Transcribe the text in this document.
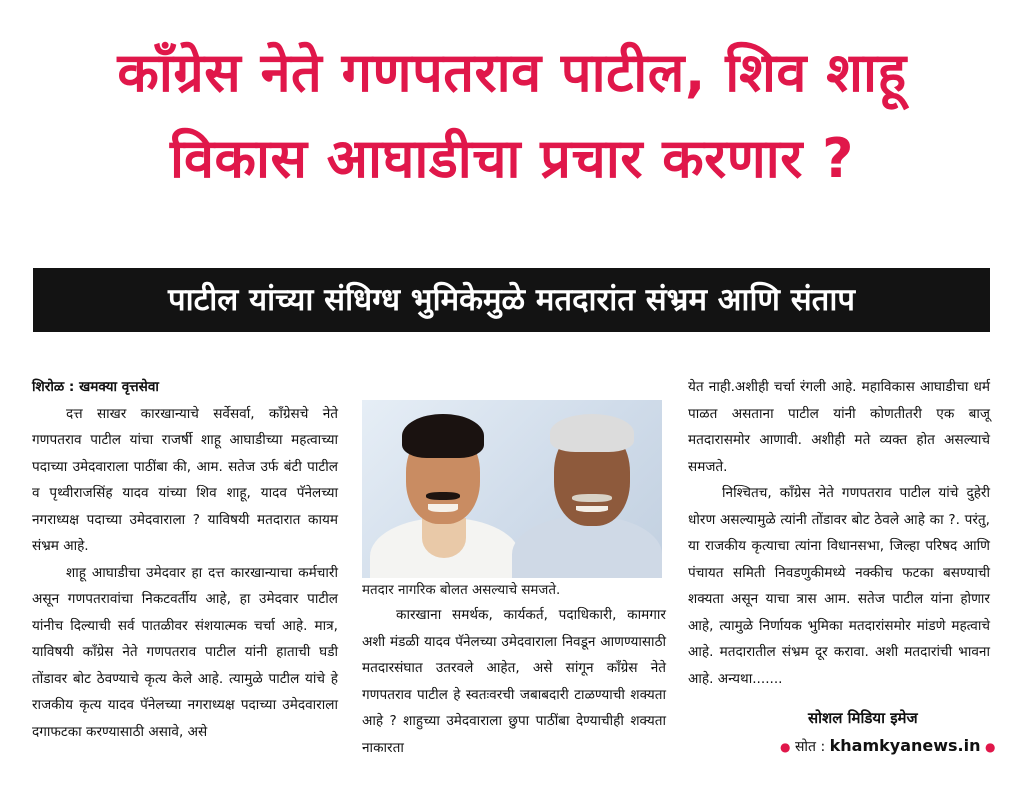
कॉंग्रेस नेते गणपतराव पाटील, शिव शाहू
विकास आघाडीचा प्रचार करणार ?
पाटील यांच्या संधिग्ध भुमिकेमुळे मतदारांत संभ्रम आणि संताप

शिरोळ : खमक्या वृत्तसेवा

दत्त साखर कारखान्याचे सर्वेसर्वा, कॉंग्रेसचे नेते गणपतराव पाटील यांचा राजर्षी शाहू आघाडीच्या महत्वाच्या पदाच्या उमेदवाराला पाठींबा की, आम. सतेज उर्फ बंटी पाटील व पृथ्वीराजसिंह यादव यांच्या शिव शाहू, यादव पॅनेलच्या नगराध्यक्ष पदाच्या उमेदवाराला ? याविषयी मतदारात कायम संभ्रम आहे.

शाहू आघाडीचा उमेदवार हा दत्त कारखान्याचा कर्मचारी असून गणपतरावांचा निकटवर्तीय आहे, हा उमेदवार पाटील यांनीच दिल्याची सर्व पातळीवर संशयात्मक चर्चा आहे. मात्र, याविषयी कॉंग्रेस नेते गणपतराव पाटील यांनी हाताची घडी तोंडावर बोट ठेवण्याचे कृत्य केले आहे. त्यामुळे पाटील यांचे हे राजकीय कृत्य यादव पॅनेलच्या नगराध्यक्ष पदाच्या उमेदवाराला दगाफटका करण्यासाठी असावे, असे

मतदार नागरिक बोलत असल्याचे समजते.

कारखाना समर्थक, कार्यकर्त, पदाधिकारी, कामगार अशी मंडळी यादव पॅनेलच्या उमेदवाराला निवडून आणण्यासाठी मतदारसंघात उतरवले आहेत, असे सांगून कॉंग्रेस नेते गणपतराव पाटील हे स्वतःवरची जबाबदारी टाळण्याची शक्यता आहे ? शाहुच्या उमेदवाराला छुपा पाठींबा देण्याचीही शक्यता नाकारता

येत नाही.अशीही चर्चा रंगली आहे. महाविकास आघाडीचा धर्म पाळत असताना पाटील यांनी कोणतीतरी एक बाजू मतदारासमोर आणावी. अशीही मते व्यक्त होत असल्याचे समजते.

निश्चितच, कॉंग्रेस नेते गणपतराव पाटील यांचे दुहेरी धोरण असल्यामुळे त्यांनी तोंडावर बोट ठेवले आहे का ?. परंतु, या राजकीय कृत्याचा त्यांना विधानसभा, जिल्हा परिषद आणि पंचायत समिती निवडणुकीमध्ये नक्कीच फटका बसण्याची शक्यता असून याचा त्रास आम. सतेज पाटील यांना होणार आहे, त्यामुळे निर्णायक भुमिका मतदारांसमोर मांडणे महत्वाचे आहे. मतदारातील संभ्रम दूर करावा. अशी मतदारांची भावना आहे. अन्यथा.......

सोशल मिडिया इमेज
● सोत : khamkyanews.in ●
